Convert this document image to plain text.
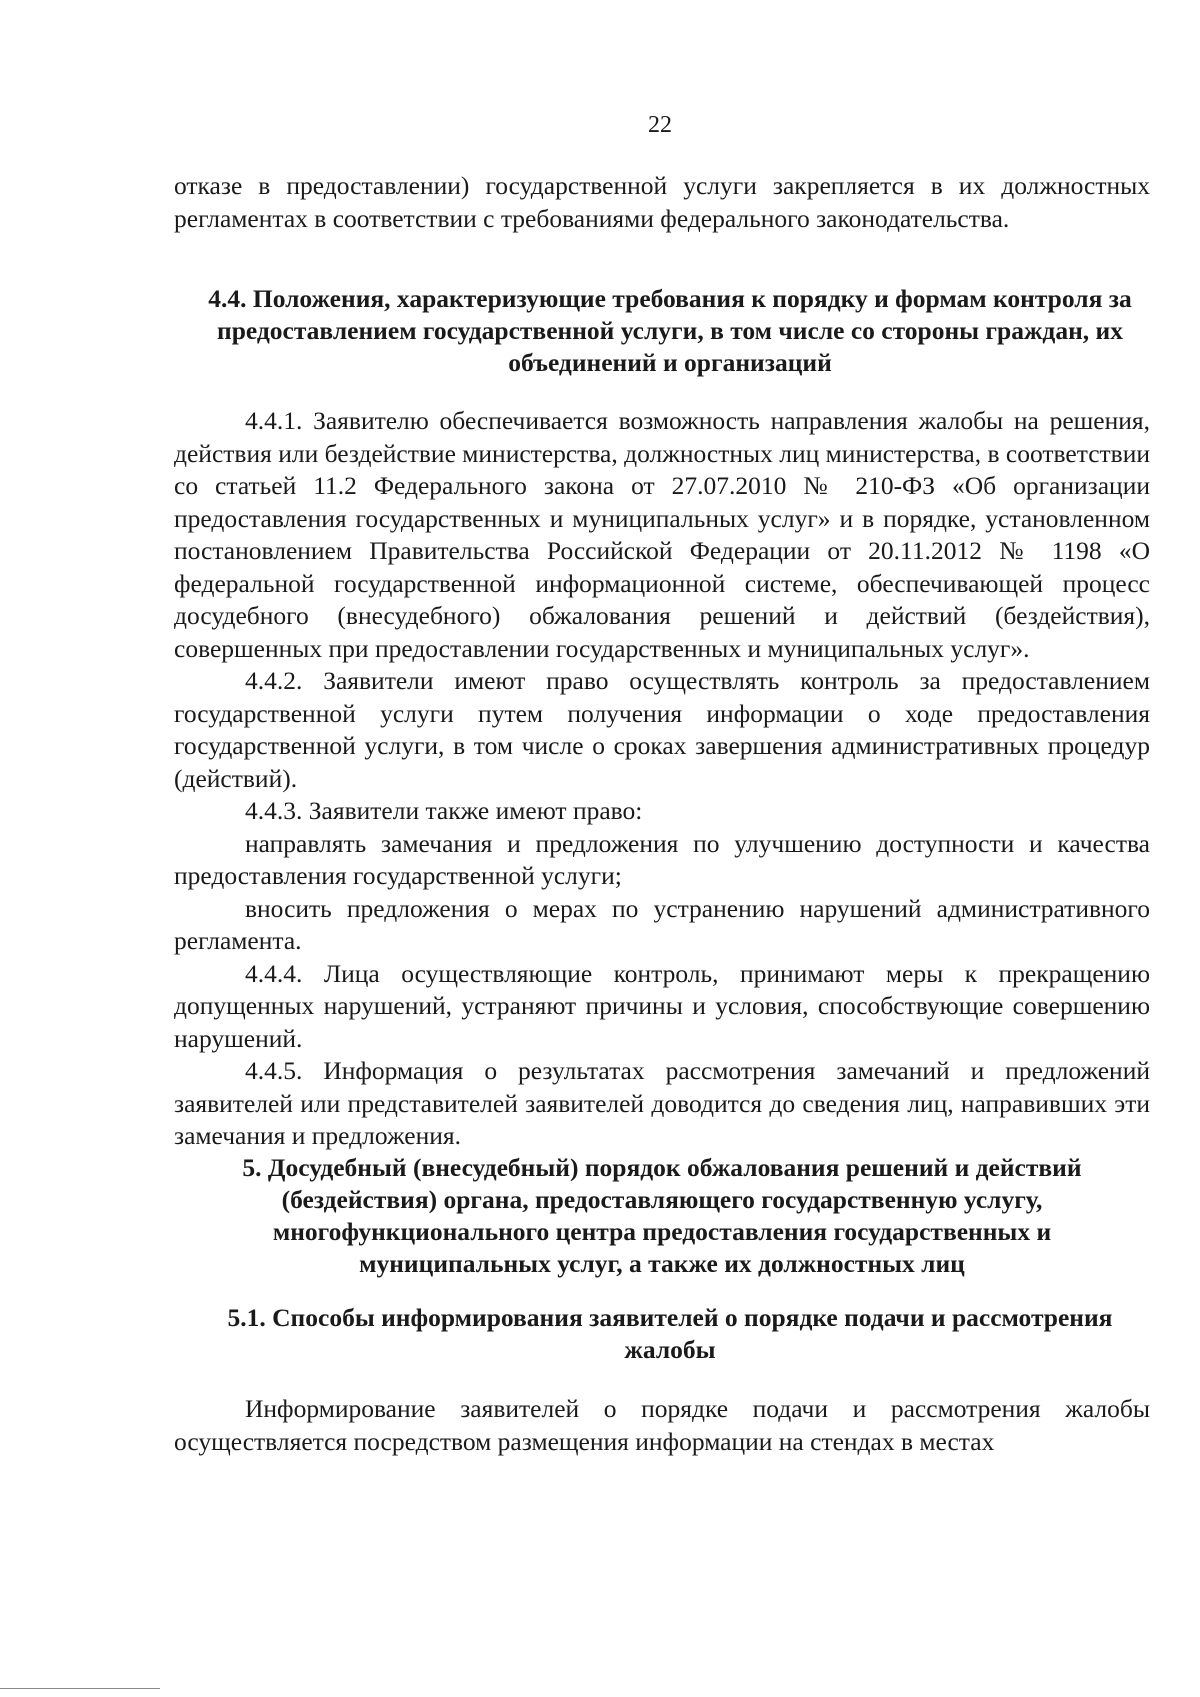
22

отказе в предоставлении) государственной услуги закрепляется в их должностных регламентах в соответствии с требованиями федерального законодательства.

4.4. Положения, характеризующие требования к порядку и формам контроля за предоставлением государственной услуги, в том числе со стороны граждан, их объединений и организаций

4.4.1. Заявителю обеспечивается возможность направления жалобы на решения, действия или бездействие министерства, должностных лиц министерства, в соответствии со статьей 11.2 Федерального закона от 27.07.2010 № 210-ФЗ «Об организации предоставления государственных и муниципальных услуг» и в порядке, установленном постановлением Правительства Российской Федерации от 20.11.2012 № 1198 «О федеральной государственной информационной системе, обеспечивающей процесс досудебного (внесудебного) обжалования решений и действий (бездействия), совершенных при предоставлении государственных и муниципальных услуг».

4.4.2. Заявители имеют право осуществлять контроль за предоставлением государственной услуги путем получения информации о ходе предоставления государственной услуги, в том числе о сроках завершения административных процедур (действий).

4.4.3. Заявители также имеют право:

направлять замечания и предложения по улучшению доступности и качества предоставления государственной услуги;

вносить предложения о мерах по устранению нарушений административного регламента.

4.4.4. Лица осуществляющие контроль, принимают меры к прекращению допущенных нарушений, устраняют причины и условия, способствующие совершению нарушений.

4.4.5. Информация о результатах рассмотрения замечаний и предложений заявителей или представителей заявителей доводится до сведения лиц, направивших эти замечания и предложения.

5. Досудебный (внесудебный) порядок обжалования решений и действий (бездействия) органа, предоставляющего государственную услугу, многофункционального центра предоставления государственных и муниципальных услуг, а также их должностных лиц
5.1. Способы информирования заявителей о порядке подачи и рассмотрения жалобы

Информирование заявителей о порядке подачи и рассмотрения жалобы осуществляется посредством размещения информации на стендах в местах
